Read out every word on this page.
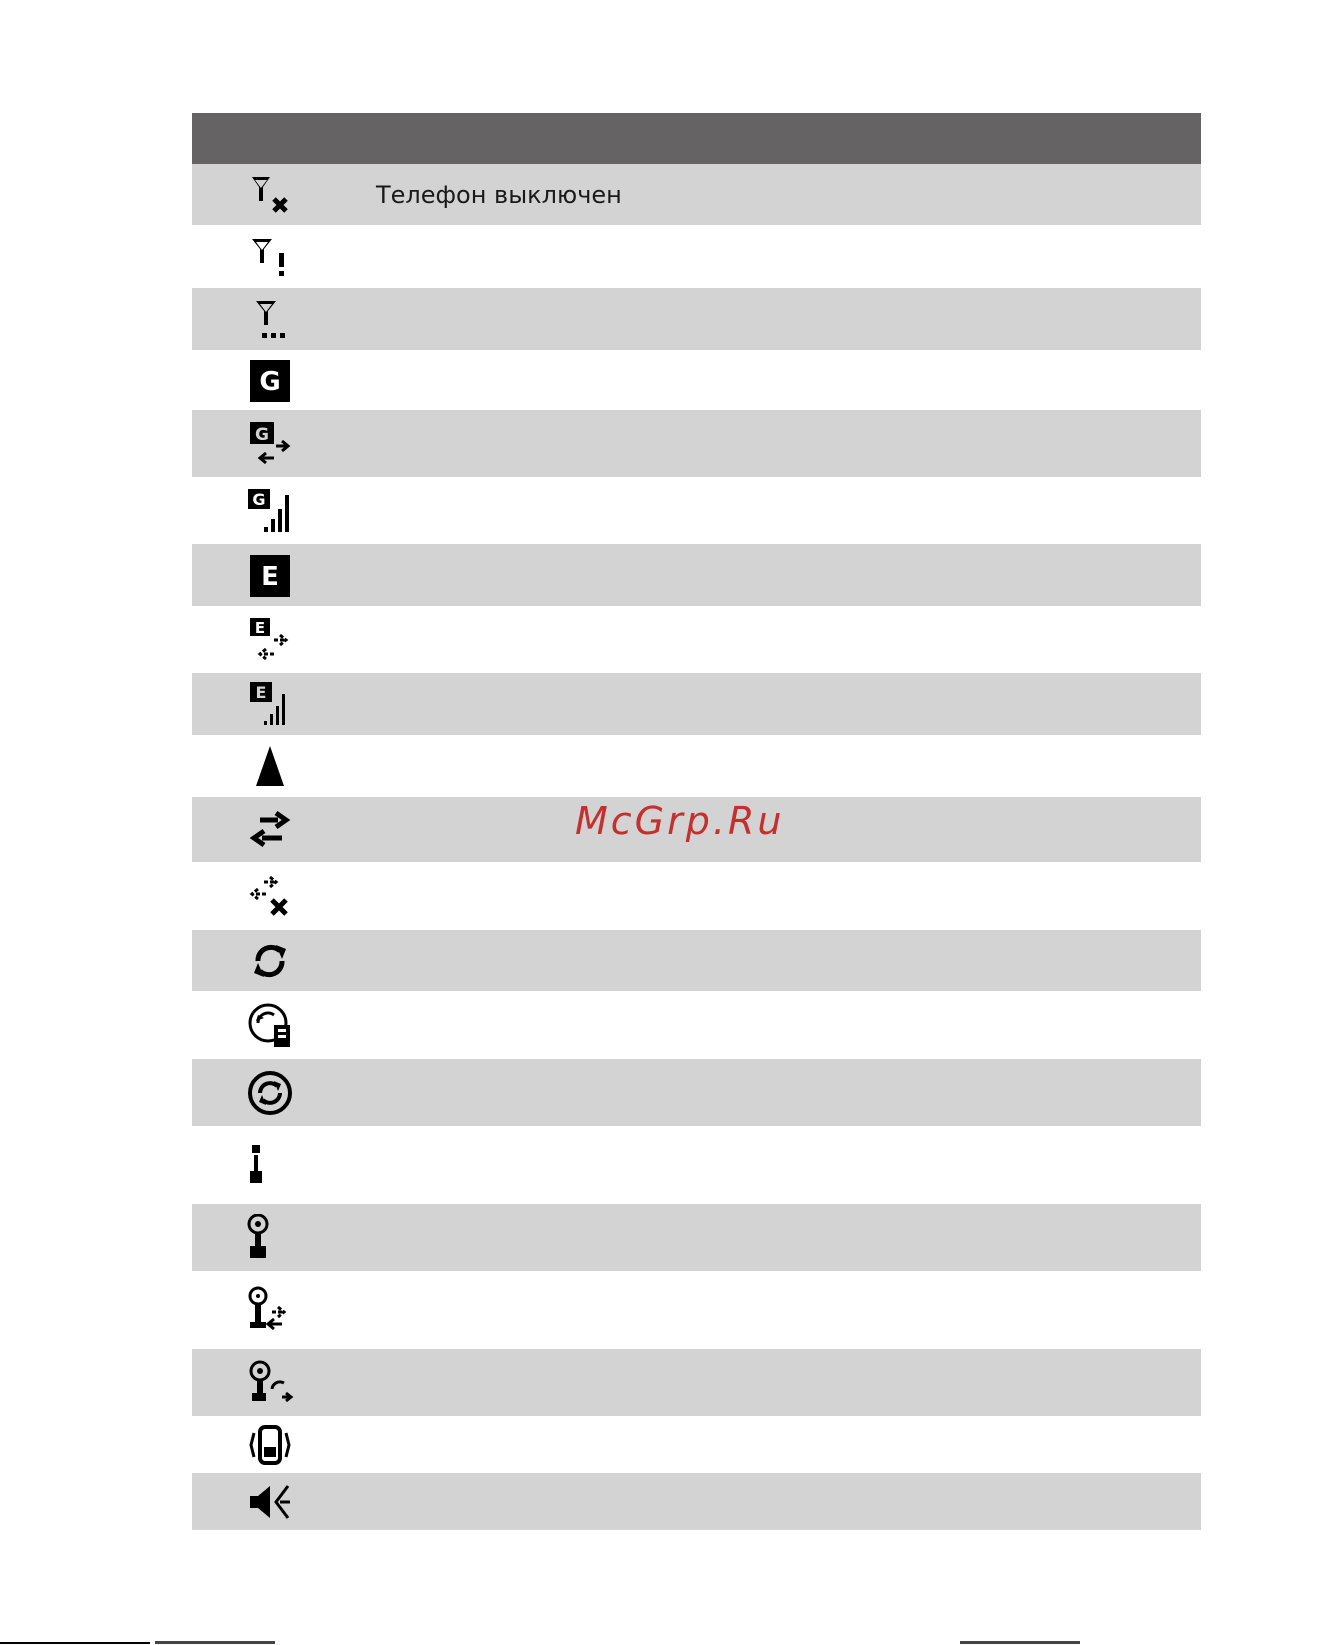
Телефон выключен
G
G
G
E
E
E
McGrp.Ru
